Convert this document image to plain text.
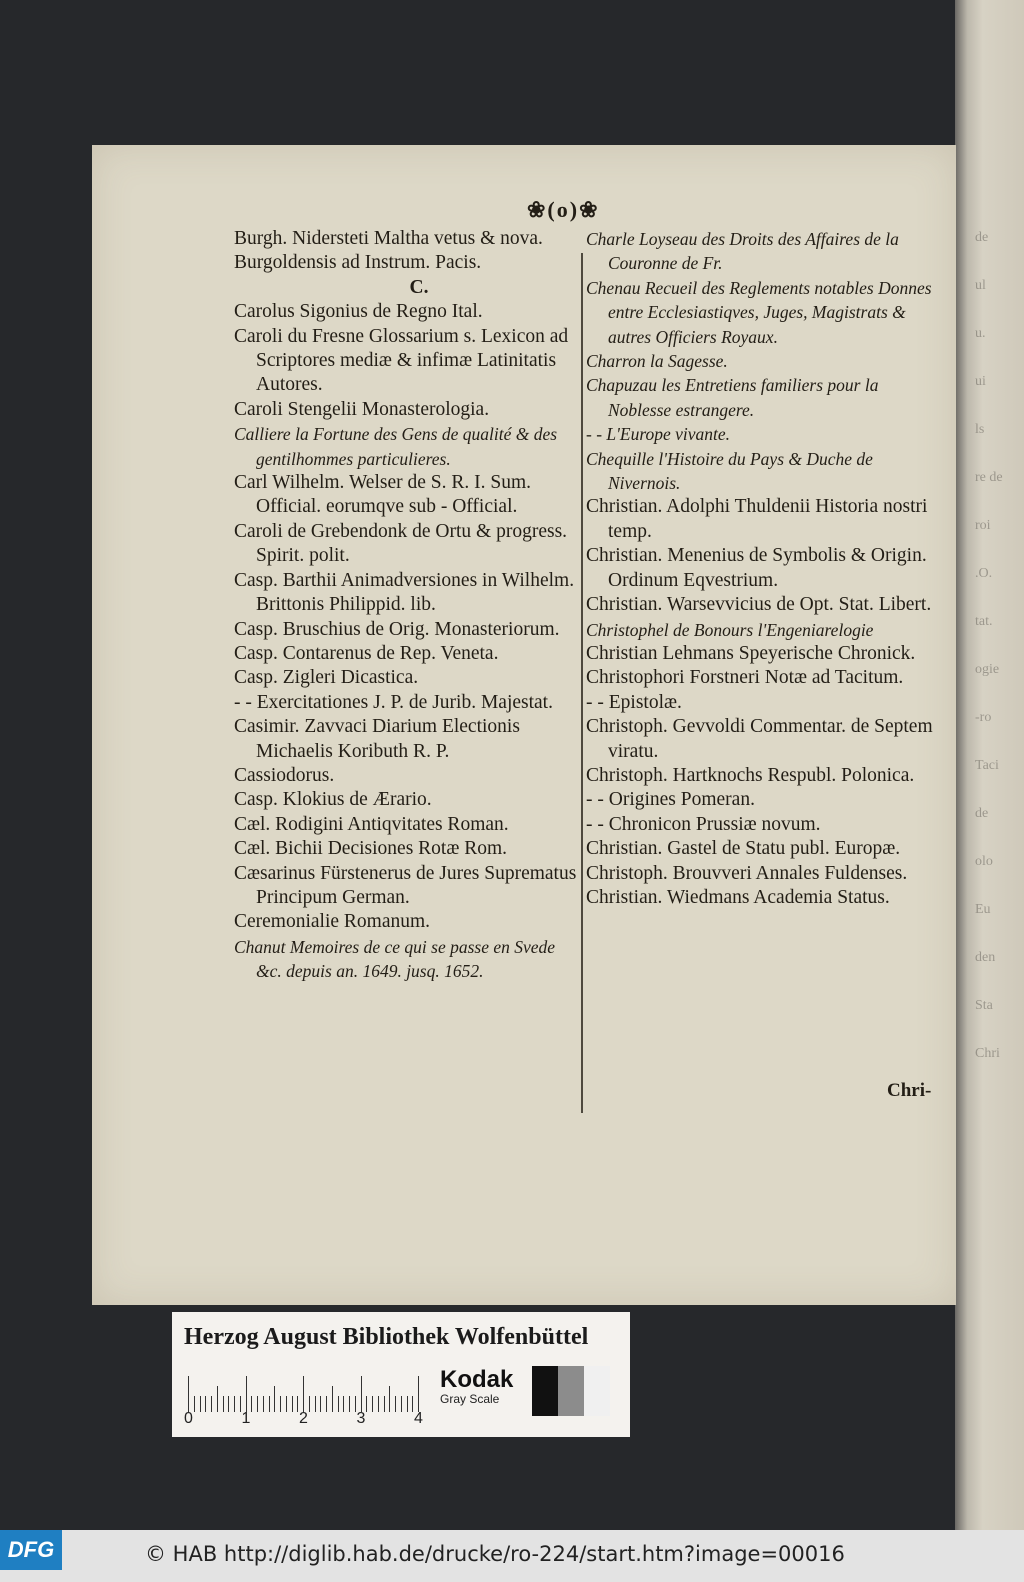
de
ul
u.
ui
ls
re de
roi
.O.
tat.
ogie
-ro
Taci
de
olo
Eu
den
Sta
Chri
❀(o)❀
Burgh. Nidersteti Maltha vetus & nova.
Burgoldensis ad Instrum. Pacis.
C.
Carolus Sigonius de Regno Ital.
Caroli du Fresne Glossarium s. Lexicon ad Scriptores mediæ & infimæ Latinitatis Autores.
Caroli Stengelii Monasterologia.
Calliere la Fortune des Gens de qualité & des gentilhommes particulieres.
Carl Wilhelm. Welser de S. R. I. Sum. Official. eorumqve sub - Official.
Caroli de Grebendonk de Ortu & progress. Spirit. polit.
Casp. Barthii Animadversiones in Wilhelm. Brittonis Philippid. lib.
Casp. Bruschius de Orig. Monasteriorum.
Casp. Contarenus de Rep. Veneta.
Casp. Zigleri Dicastica.
- - Exercitationes J. P. de Jurib. Majestat.
Casimir. Zavvaci Diarium Electionis Michaelis Koributh R. P.
Cassiodorus.
Casp. Klokius de Ærario.
Cæl. Rodigini Antiqvitates Roman.
Cæl. Bichii Decisiones Rotæ Rom.
Cæsarinus Fürstenerus de Jures Suprematus Principum German.
Ceremonialie Romanum.
Chanut Memoires de ce qui se passe en Svede &c. depuis an. 1649. jusq. 1652.
Charle Loyseau des Droits des Affaires de la Couronne de Fr.
Chenau Recueil des Reglements notables Donnes entre Ecclesiastiqves, Juges, Magistrats & autres Officiers Royaux.
Charron la Sagesse.
Chapuzau les Entretiens familiers pour la Noblesse estrangere.
- - L'Europe vivante.
Chequille l'Histoire du Pays & Duche de Nivernois.
Christian. Adolphi Thuldenii Historia nostri temp.
Christian. Menenius de Symbolis & Origin. Ordinum Eqvestrium.
Christian. Warsevvicius de Opt. Stat. Libert.
Christophel de Bonours l'Engeniarelogie
Christian Lehmans Speyerische Chronick.
Christophori Forstneri Notæ ad Tacitum.
- - Epistolæ.
Christoph. Gevvoldi Commentar. de Septem viratu.
Christoph. Hartknochs Respubl. Polonica.
- - Origines Pomeran.
- - Chronicon Prussiæ novum.
Christian. Gastel de Statu publ. Europæ.
Christoph. Brouvveri Annales Fuldenses.
Christian. Wiedmans Academia Status.
Chri-
Herzog August Bibliothek Wolfenbüttel
0	1	2	3	4
Kodak
Gray Scale
DFG	© HAB http://diglib.hab.de/drucke/ro-224/start.htm?image=00016
